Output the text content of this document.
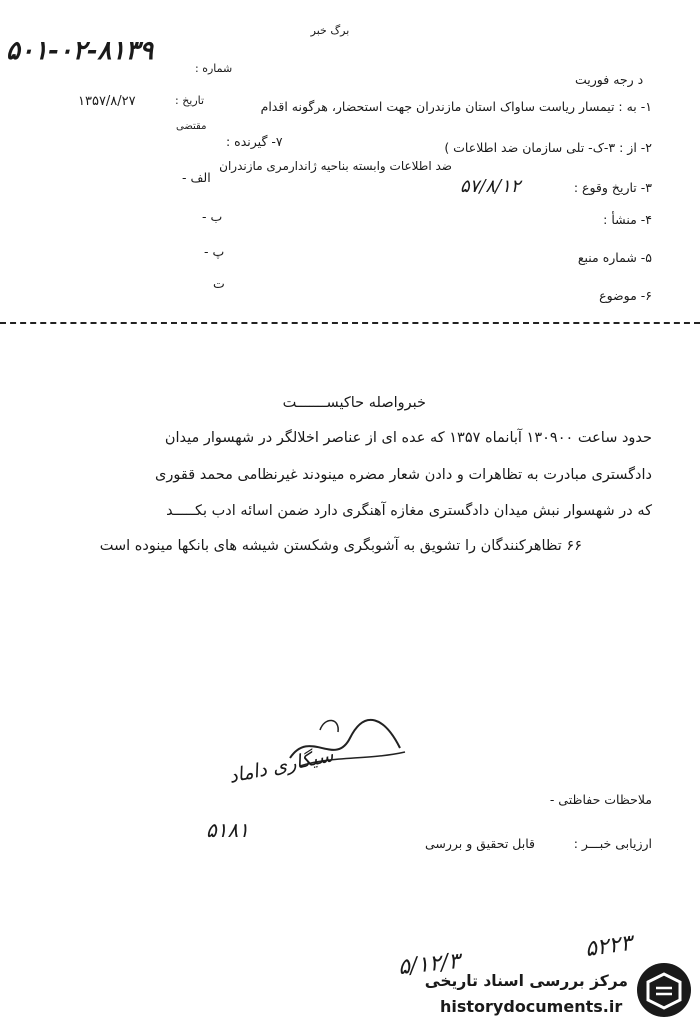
برگ خبر
شماره :
۵۰۱-۰۲-۸۱۳۹
د رجه فوریت
۱۳۵۷/۸/۲۷	تاریخ :	۱- به : تیمسار ریاست ساواک استان مازندران جهت استحضار، هرگونه اقدام
مقتضی
۷- گیرنده :	۲- از : ۳-ک- تلی سازمان ضد اطلاعات )
ضد اطلاعات وابسته بناحیه ژاندارمری مازندران
الف -
۳- تاریخ وقوع :
۵۷/۸/۱۲
۴- منشأ :
ب -
پ -	۵- شماره منبع
ت
۶- موضوع
خبرواصله حاکیســـــــت
حدود ساعت ۱۳۰۹۰۰ آبانماه ۱۳۵۷ که عده ای از عناصر اخلالگر در شهسوار میدان
دادگستری مبادرت به تظاهرات و دادن شعار مضره مینودند غیرنظامی محمد ققوری
که در شهسوار نبش میدان دادگستری مغازه آهنگری دارد ضمن اسائه ادب بکـــــد
۶۶ تظاهرکنندگان را تشویق به آشوبگری وشکستن شیشه های بانکها مینوده است
سیگاری داماد
۵۱۸۱
ملاحظات حفاظتی -
ارزیابی خبـــر :
قابل تحقیق و بررسی
۵۲۲۳
۵/۱۲/۳
مرکز بررسی اسناد تاریخی
historydocuments.ir
